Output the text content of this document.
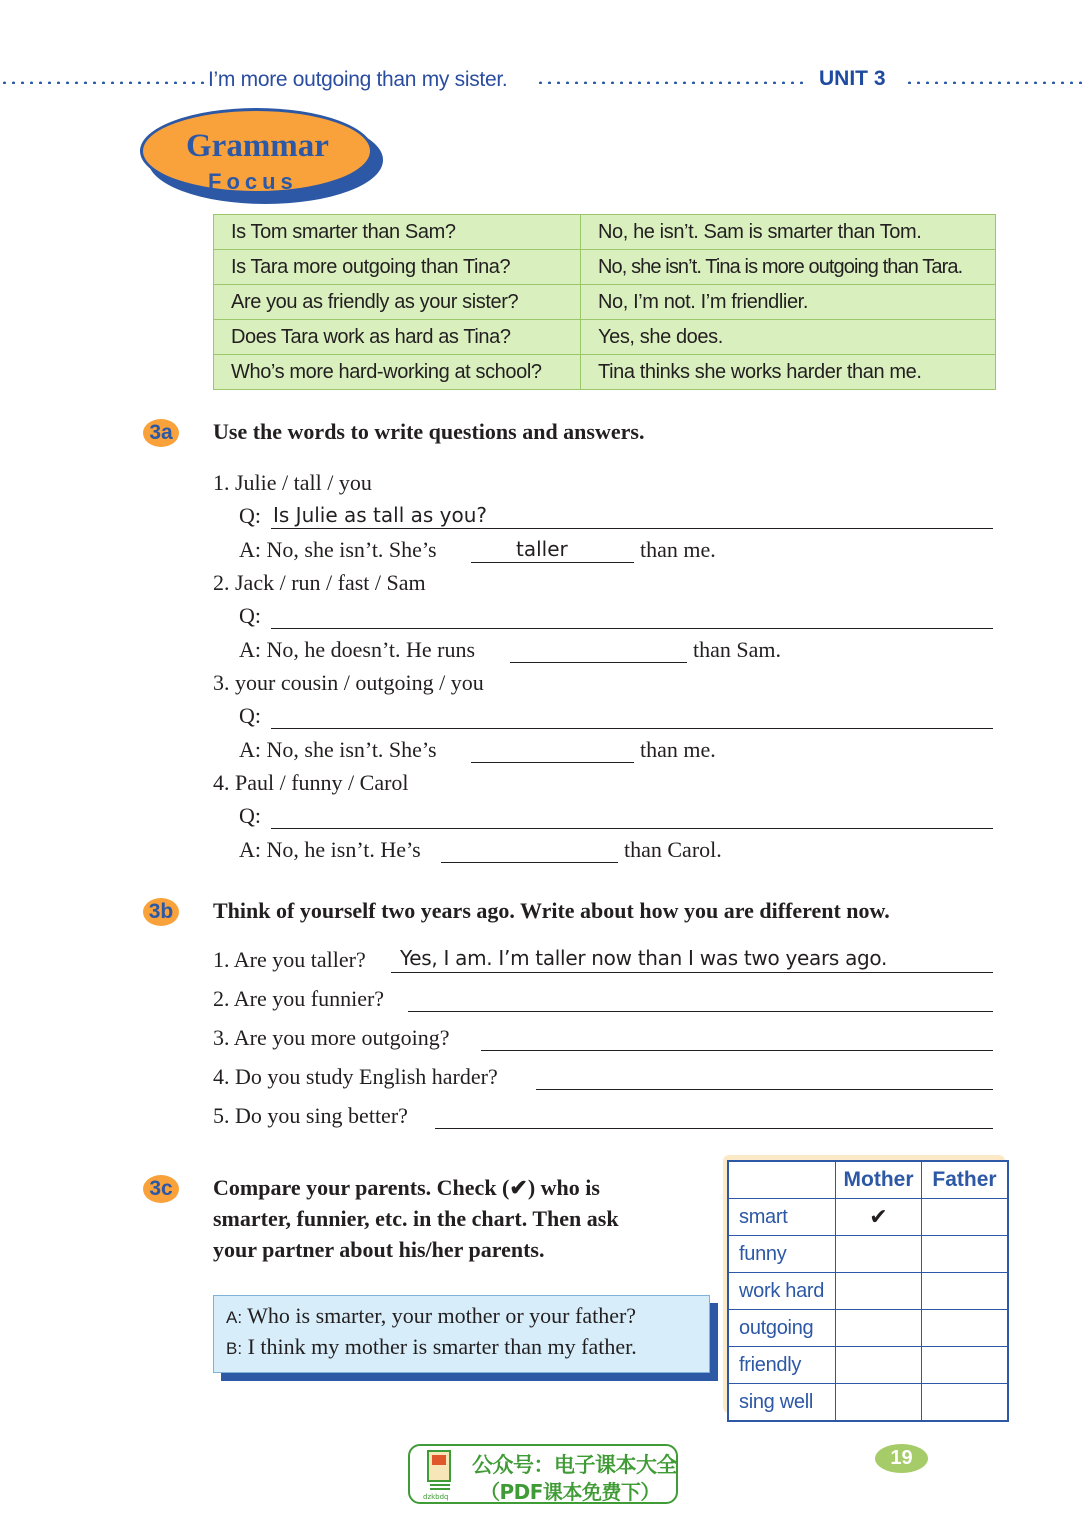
I’m more outgoing than my sister.	UNIT 3
Grammar
Focus
Is Tom smarter than Sam?	No, he isn’t. Sam is smarter than Tom.
Is Tara more outgoing than Tina?	No, she isn’t. Tina is more outgoing than Tara.
Are you as friendly as your sister?	No, I’m not. I’m friendlier.
Does Tara work as hard as Tina?	Yes, she does.
Who’s more hard-working at school?	Tina thinks she works harder than me.
3a Use the words to write questions and answers.
1. Julie / tall / you
Q: Is Julie as tall as you?
A: No, she isn’t. She’s	taller	than me.
2. Jack / run / fast / Sam
Q:
A: No, he doesn’t. He runs	than Sam.
3. your cousin / outgoing / you
Q:
A: No, she isn’t. She’s	than me.
4. Paul / funny / Carol
Q:
A: No, he isn’t. He’s	than Carol.
3b Think of yourself two years ago. Write about how you are different now.
1. Are you taller? Yes, I am. I’m taller now than I was two years ago.
2. Are you funnier?
3. Are you more outgoing?
4. Do you study English harder?
5. Do you sing better?
3c Compare your parents. Check (✔) who is
smarter, funnier, etc. in the chart. Then ask
your partner about his/her parents.
A: Who is smarter, your mother or your father?
B: I think my mother is smarter than my father.
	Mother	Father
smart	✔	
funny		
work hard		
outgoing		
friendly		
sing well		
dzkbdq
公众号：电子课本大全
（PDF课本免费下）
19
